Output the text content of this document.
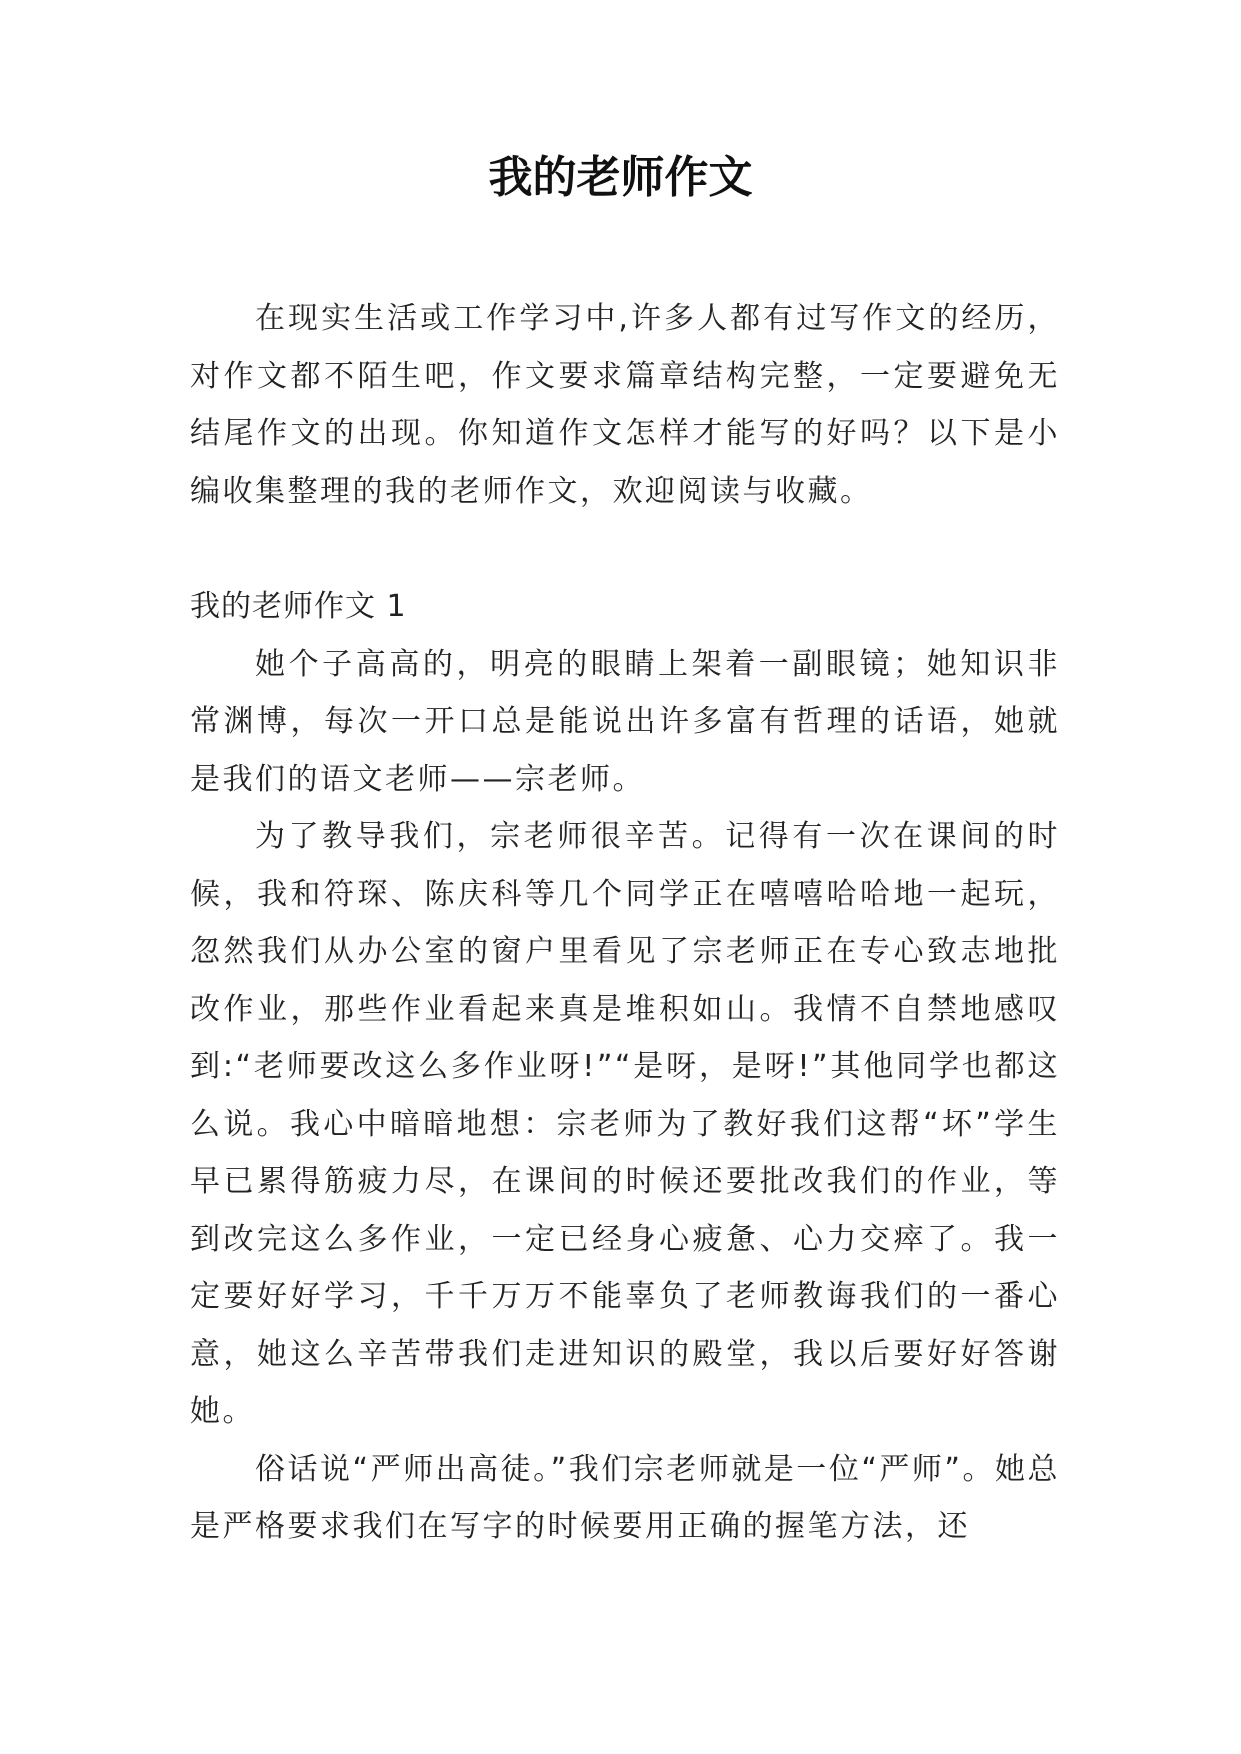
我的老师作文

在现实生活或工作学习中,许多人都有过写作文的经历，对作文都不陌生吧，作文要求篇章结构完整，一定要避免无结尾作文的出现。你知道作文怎样才能写的好吗？以下是小编收集整理的我的老师作文，欢迎阅读与收藏。

我的老师作文 1

她个子高高的，明亮的眼睛上架着一副眼镜；她知识非常渊博，每次一开口总是能说出许多富有哲理的话语，她就是我们的语文老师——宗老师。

为了教导我们，宗老师很辛苦。记得有一次在课间的时候，我和符琛、陈庆科等几个同学正在嘻嘻哈哈地一起玩，忽然我们从办公室的窗户里看见了宗老师正在专心致志地批改作业，那些作业看起来真是堆积如山。我情不自禁地感叹到:“老师要改这么多作业呀!”“是呀，是呀!”其他同学也都这么说。我心中暗暗地想：宗老师为了教好我们这帮“坏”学生早已累得筋疲力尽，在课间的时候还要批改我们的作业，等到改完这么多作业，一定已经身心疲惫、心力交瘁了。我一定要好好学习，千千万万不能辜负了老师教诲我们的一番心意，她这么辛苦带我们走进知识的殿堂，我以后要好好答谢她。

俗话说“严师出高徒。”我们宗老师就是一位“严师”。她总是严格要求我们在写字的时候要用正确的握笔方法，还
